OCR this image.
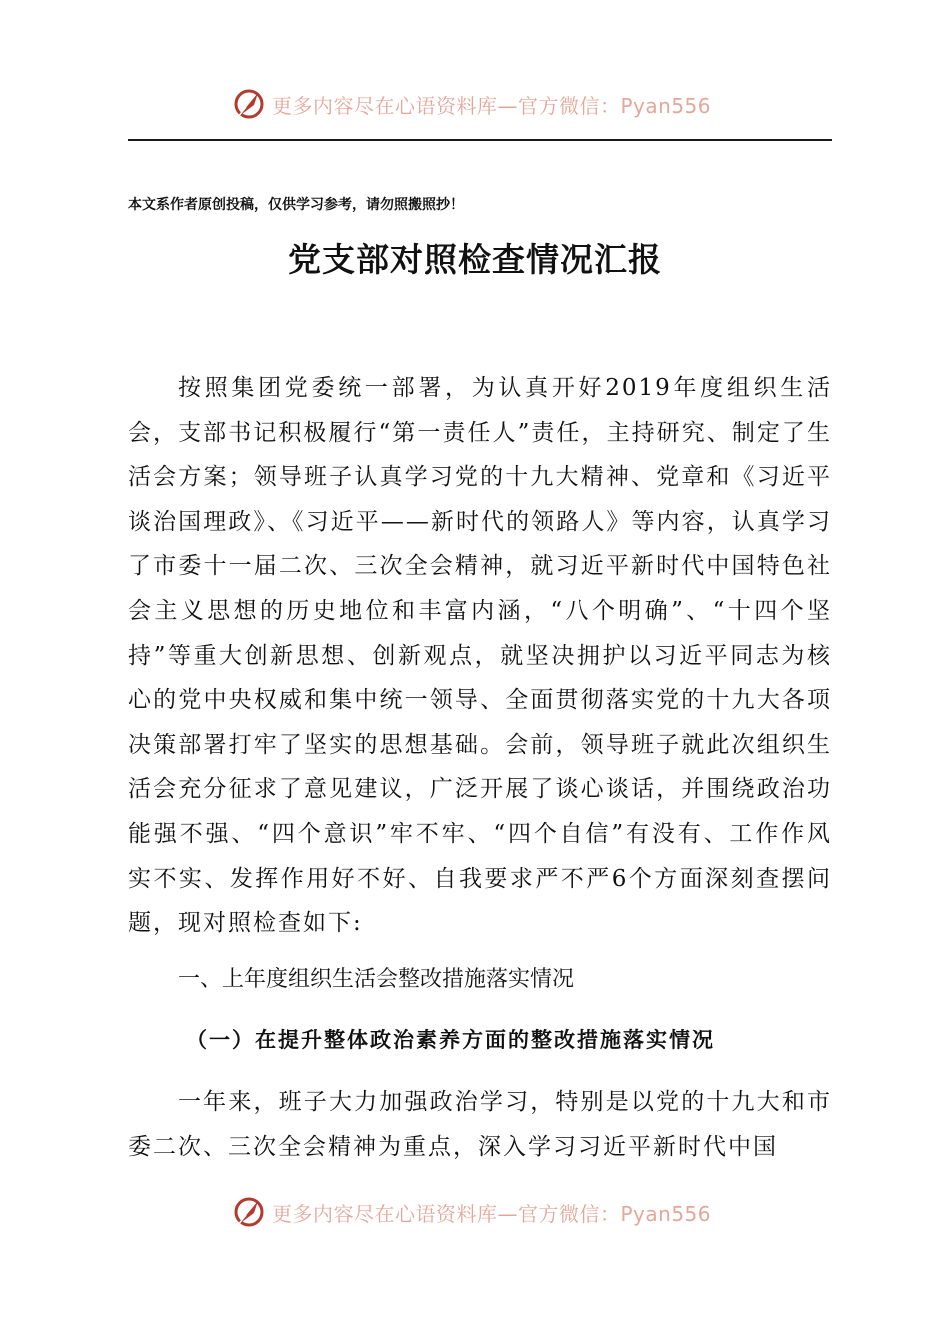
更多内容尽在心语资料库—官方微信：Pyan556
本文系作者原创投稿，仅供学习参考，请勿照搬照抄！
党支部对照检查情况汇报

按照集团党委统一部署，为认真开好2019年度组织生活会，支部书记积极履行“第一责任人”责任，主持研究、制定了生活会方案；领导班子认真学习党的十九大精神、党章和《习近平谈治国理政》、《习近平——新时代的领路人》等内容，认真学习了市委十一届二次、三次全会精神，就习近平新时代中国特色社会主义思想的历史地位和丰富内涵，“八个明确”、“十四个坚持”等重大创新思想、创新观点，就坚决拥护以习近平同志为核心的党中央权威和集中统一领导、全面贯彻落实党的十九大各项决策部署打牢了坚实的思想基础。会前，领导班子就此次组织生活会充分征求了意见建议，广泛开展了谈心谈话，并围绕政治功能强不强、“四个意识”牢不牢、“四个自信”有没有、工作作风实不实、发挥作用好不好、自我要求严不严6个方面深刻查摆问题，现对照检查如下:

一、上年度组织生活会整改措施落实情况
（一）在提升整体政治素养方面的整改措施落实情况

一年来，班子大力加强政治学习，特别是以党的十九大和市委二次、三次全会精神为重点，深入学习习近平新时代中国

更多内容尽在心语资料库—官方微信：Pyan556
